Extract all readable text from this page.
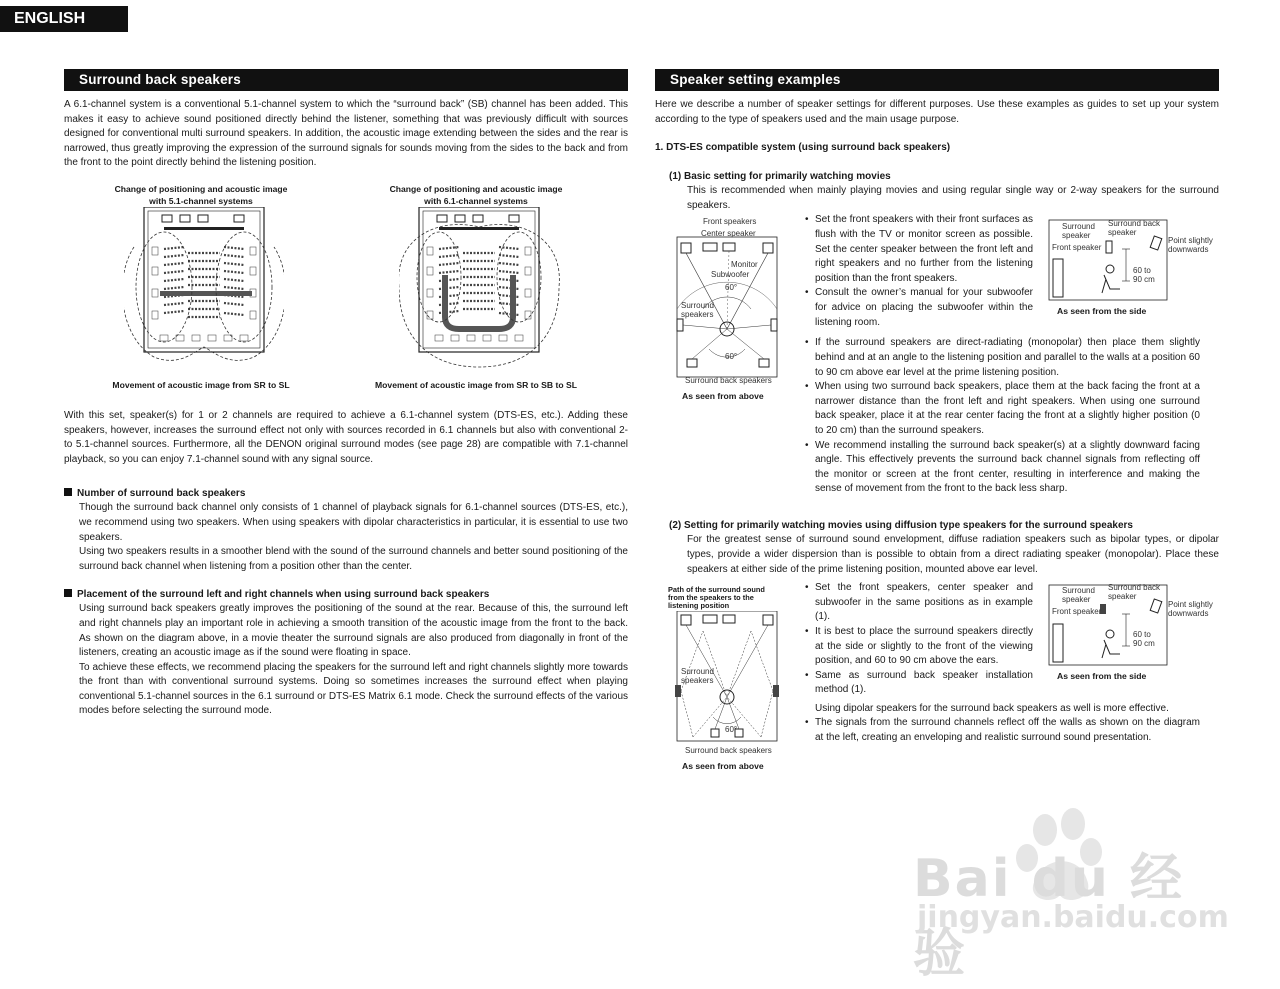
ENGLISH
Surround back speakers

A 6.1-channel system is a conventional 5.1-channel system to which the “surround back” (SB) channel has been added. This makes it easy to achieve sound positioned directly behind the listener, something that was previously difficult with sources designed for conventional multi surround speakers. In addition, the acoustic image extending between the sides and the rear is narrowed, thus greatly improving the expression of the surround signals for sounds moving from the sides to the back and from the front to the point directly behind the listening position.

Change of positioning and acoustic image
with 5.1-channel systems
Change of positioning and acoustic image
with 6.1-channel systems
Movement of acoustic image from SR to SL	Movement of acoustic image from SR to SB to SL

With this set, speaker(s) for 1 or 2 channels are required to achieve a 6.1-channel system (DTS-ES, etc.). Adding these speakers, however, increases the surround effect not only with sources recorded in 6.1 channels but also with conventional 2- to 5.1-channel sources. Furthermore, all the DENON original surround modes (see page 28) are compatible with 7.1-channel playback, so you can enjoy 7.1-channel sound with any signal source.

Number of surround back speakers

Though the surround back channel only consists of 1 channel of playback signals for 6.1-channel sources (DTS-ES, etc.), we recommend using two speakers. When using speakers with dipolar characteristics in particular, it is essential to use two speakers.

Using two speakers results in a smoother blend with the sound of the surround channels and better sound positioning of the surround back channel when listening from a position other than the center.

Placement of the surround left and right channels when using surround back speakers

Using surround back speakers greatly improves the positioning of the sound at the rear. Because of this, the surround left and right channels play an important role in achieving a smooth transition of the acoustic image from the front to the back. As shown on the diagram above, in a movie theater the surround signals are also produced from diagonally in front of the listeners, creating an acoustic image as if the sound were floating in space.

To achieve these effects, we recommend placing the speakers for the surround left and right channels slightly more towards the front than with conventional surround systems. Doing so sometimes increases the surround effect when playing conventional 5.1-channel sources in the 6.1 surround or DTS-ES Matrix 6.1 mode. Check the surround effects of the various modes before selecting the surround mode.

Speaker setting examples

Here we describe a number of speaker settings for different purposes. Use these examples as guides to set up your system according to the type of speakers used and the main usage purpose.

1. DTS-ES compatible system (using surround back speakers)

(1) Basic setting for primarily watching movies

This is recommended when mainly playing movies and using regular single way or 2-way speakers for the surround speakers.

Front speakers
Center speaker
Monitor
Subwoofer
60°
Surround
speakers
60°
Surround back speakers
As seen from above
• Set the front speakers with their front surfaces as flush with the TV or monitor screen as possible. Set the center speaker between the front left and right speakers and no further from the listening position than the front speakers.
• Consult the owner’s manual for your subwoofer for advice on placing the subwoofer within the listening room.
• If the surround speakers are direct-radiating (monopolar) then place them slightly behind and at an angle to the listening position and parallel to the walls at a position 60 to 90 cm above ear level at the prime listening position.
• When using two surround back speakers, place them at the back facing the front at a narrower distance than the front left and right speakers. When using one surround back speaker, place it at the rear center facing the front at a slightly higher position (0 to 20 cm) than the surround speakers.
• We recommend installing the surround back speaker(s) at a slightly downward facing angle. This effectively prevents the surround back channel signals from reflecting off the monitor or screen at the front center, resulting in interference and making the sense of movement from the front to the back less sharp.
Surround
speaker
Surround back
speaker
Front speaker
Point slightly
downwards
60 to
90 cm
As seen from the side

(2) Setting for primarily watching movies using diffusion type speakers for the surround speakers

For the greatest sense of surround sound envelopment, diffuse radiation speakers such as bipolar types, or dipolar types, provide a wider dispersion than is possible to obtain from a direct radiating speaker (monopolar). Place these speakers at either side of the prime listening position, mounted above ear level.

Path of the surround sound
from the speakers to the
listening position
Surround
speakers
60°
Surround back speakers
As seen from above
• Set the front speakers, center speaker and subwoofer in the same positions as in example (1).
• It is best to place the surround speakers directly at the side or slightly to the front of the viewing position, and 60 to 90 cm above the ears.
• Same as surround back speaker installation method (1).

Using dipolar speakers for the surround back speakers as well is more effective.

• The signals from the surround channels reflect off the walls as shown on the diagram at the left, creating an enveloping and realistic surround sound presentation.
Surround
speaker
Surround back
speaker
Front speaker
Point slightly
downwards
60 to
90 cm
As seen from the side
Bai du 经验
jingyan.baidu.com
